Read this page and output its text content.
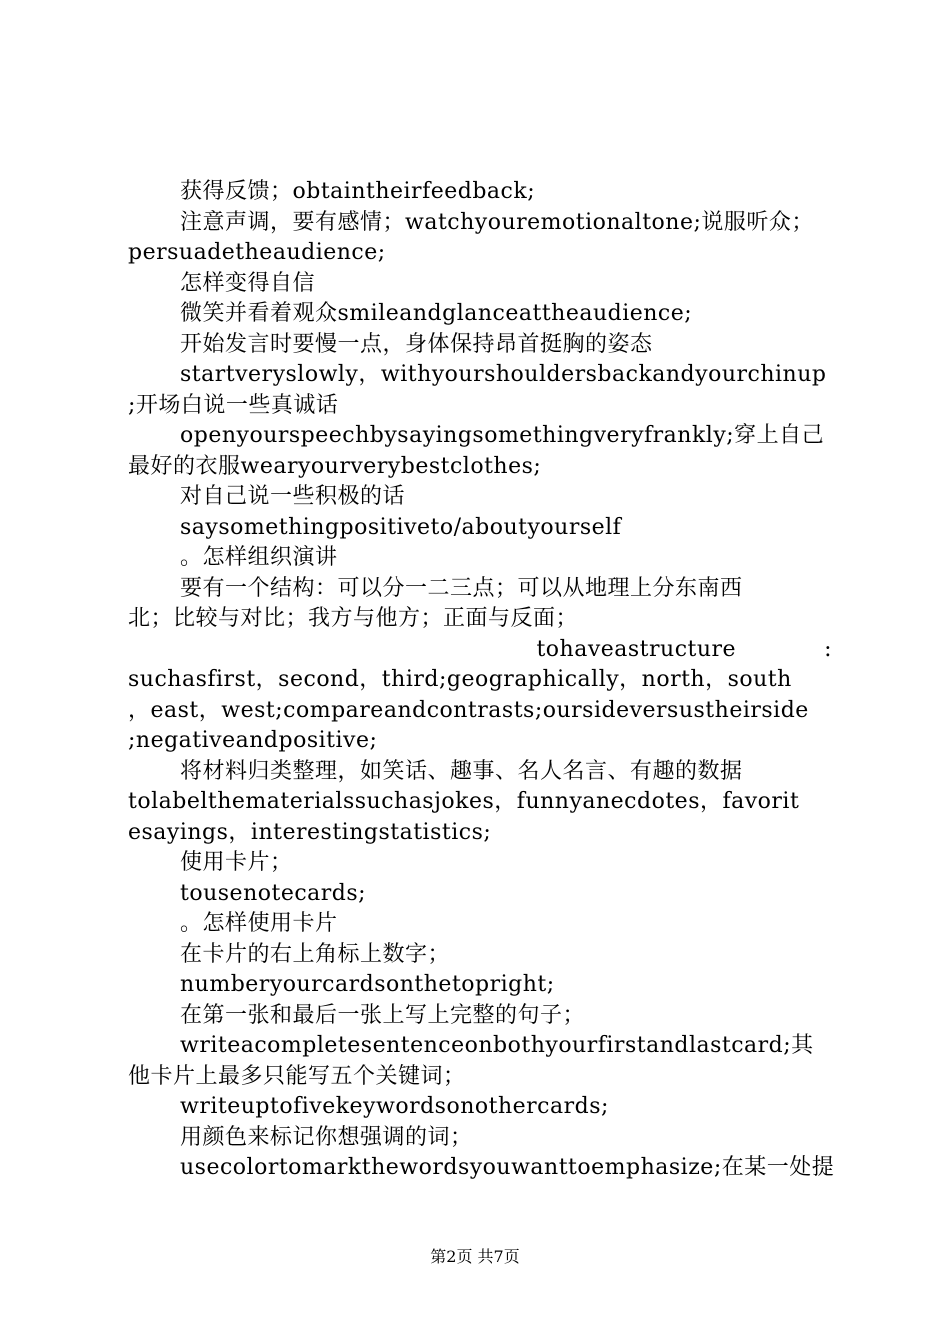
获得反馈；obtaintheirfeedback;
注意声调，要有感情；watchyouremotionaltone;说服听众；
persuadetheaudience;
怎样变得自信
微笑并看着观众smileandglanceattheaudience;
开始发言时要慢一点，身体保持昂首挺胸的姿态
startveryslowly，withyourshouldersbackandyourchinup
;开场白说一些真诚话
openyourspeechbysayingsomethingveryfrankly;穿上自己
最好的衣服wearyourverybestclothes;
对自己说一些积极的话
saysomethingpositiveto/aboutyourself
。怎样组织演讲
要有一个结构：可以分一二三点；可以从地理上分东南西
北；比较与对比；我方与他方；正面与反面；
tohaveastructure	:
suchasfirst，second，third;geographically，north，south
，east，west;compareandcontrasts;oursideversustheirside
;negativeandpositive;
将材料归类整理，如笑话、趣事、名人名言、有趣的数据
tolabelthematerialssuchasjokes，funnyanecdotes，favorit
esayings，interestingstatistics;
使用卡片；
tousenotecards;
。怎样使用卡片
在卡片的右上角标上数字；
numberyourcardsonthetopright;
在第一张和最后一张上写上完整的句子；
writeacompletesentenceonbothyourfirstandlastcard;其
他卡片上最多只能写五个关键词；
writeuptofivekeywordsonothercards;
用颜色来标记你想强调的词；
usecolortomarkthewordsyouwanttoemphasize;在某一处提
第2页 共7页
